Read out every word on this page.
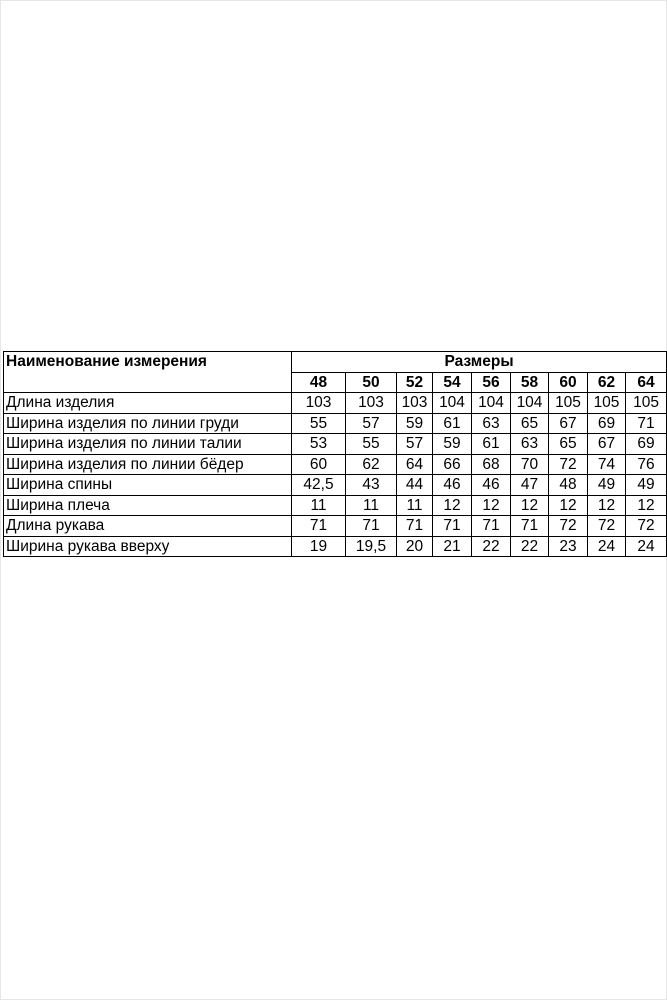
Наименование измерения	Размеры								
	48	50	52	54	56	58	60	62	64
Длина изделия	103	103	103	104	104	104	105	105	105
Ширина изделия по линии груди	55	57	59	61	63	65	67	69	71
Ширина изделия по линии талии	53	55	57	59	61	63	65	67	69
Ширина изделия по линии бёдер	60	62	64	66	68	70	72	74	76
Ширина спины	42,5	43	44	46	46	47	48	49	49
Ширина плеча	11	11	11	12	12	12	12	12	12
Длина рукава	71	71	71	71	71	71	72	72	72
Ширина рукава вверху	19	19,5	20	21	22	22	23	24	24
